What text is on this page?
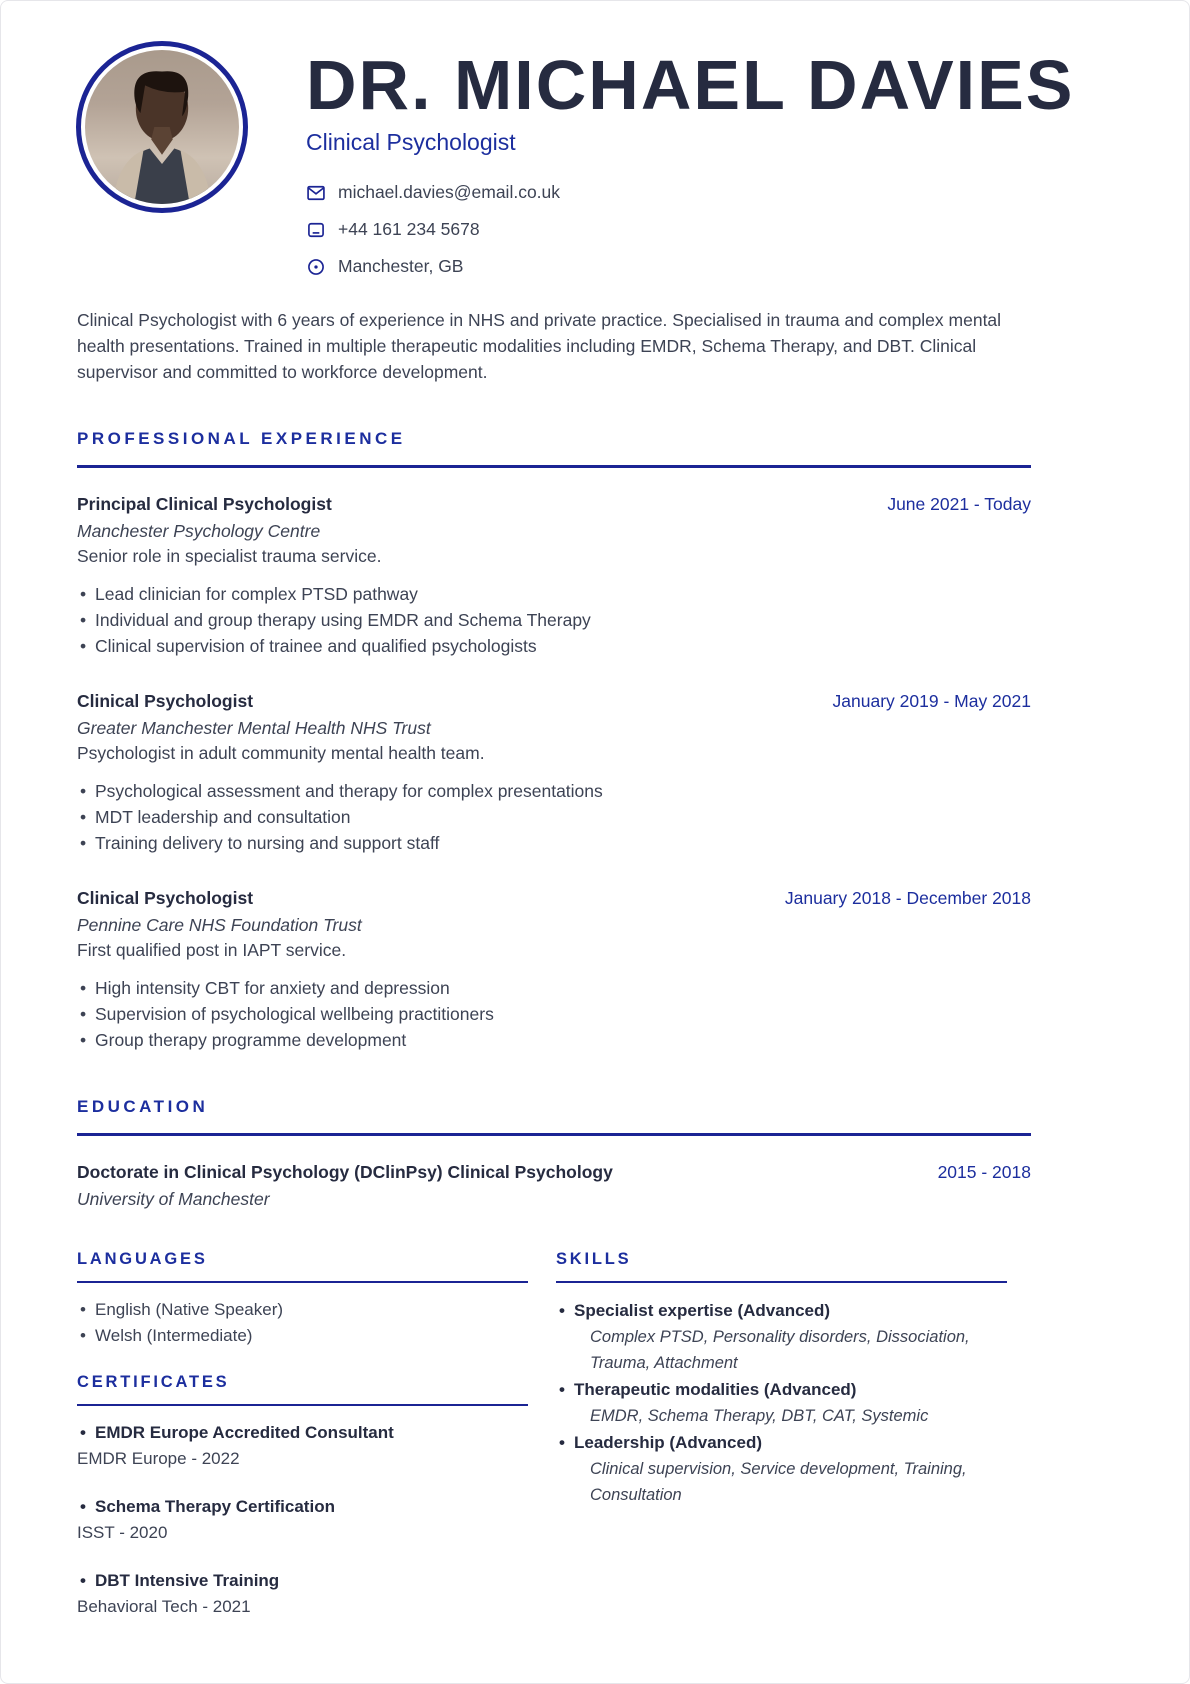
DR. MICHAEL DAVIES
Clinical Psychologist
michael.davies@email.co.uk
+44 161 234 5678
Manchester, GB

Clinical Psychologist with 6 years of experience in NHS and private practice. Specialised in trauma and complex mental health presentations. Trained in multiple therapeutic modalities including EMDR, Schema Therapy, and DBT. Clinical supervisor and committed to workforce development.

PROFESSIONAL EXPERIENCE
Principal Clinical Psychologist	June 2021 - Today
Manchester Psychology Centre
Senior role in specialist trauma service.
• Lead clinician for complex PTSD pathway
• Individual and group therapy using EMDR and Schema Therapy
• Clinical supervision of trainee and qualified psychologists
Clinical Psychologist	January 2019 - May 2021
Greater Manchester Mental Health NHS Trust
Psychologist in adult community mental health team.
• Psychological assessment and therapy for complex presentations
• MDT leadership and consultation
• Training delivery to nursing and support staff
Clinical Psychologist	January 2018 - December 2018
Pennine Care NHS Foundation Trust
First qualified post in IAPT service.
• High intensity CBT for anxiety and depression
• Supervision of psychological wellbeing practitioners
• Group therapy programme development
EDUCATION
Doctorate in Clinical Psychology (DClinPsy) Clinical Psychology	2015 - 2018
University of Manchester
LANGUAGES
• English (Native Speaker)
• Welsh (Intermediate)
CERTIFICATES
• EMDR Europe Accredited Consultant
EMDR Europe - 2022
• Schema Therapy Certification
ISST - 2020
• DBT Intensive Training
Behavioral Tech - 2021
SKILLS
• Specialist expertise (Advanced)
Complex PTSD, Personality disorders, Dissociation, Trauma, Attachment
• Therapeutic modalities (Advanced)
EMDR, Schema Therapy, DBT, CAT, Systemic
• Leadership (Advanced)
Clinical supervision, Service development, Training, Consultation
